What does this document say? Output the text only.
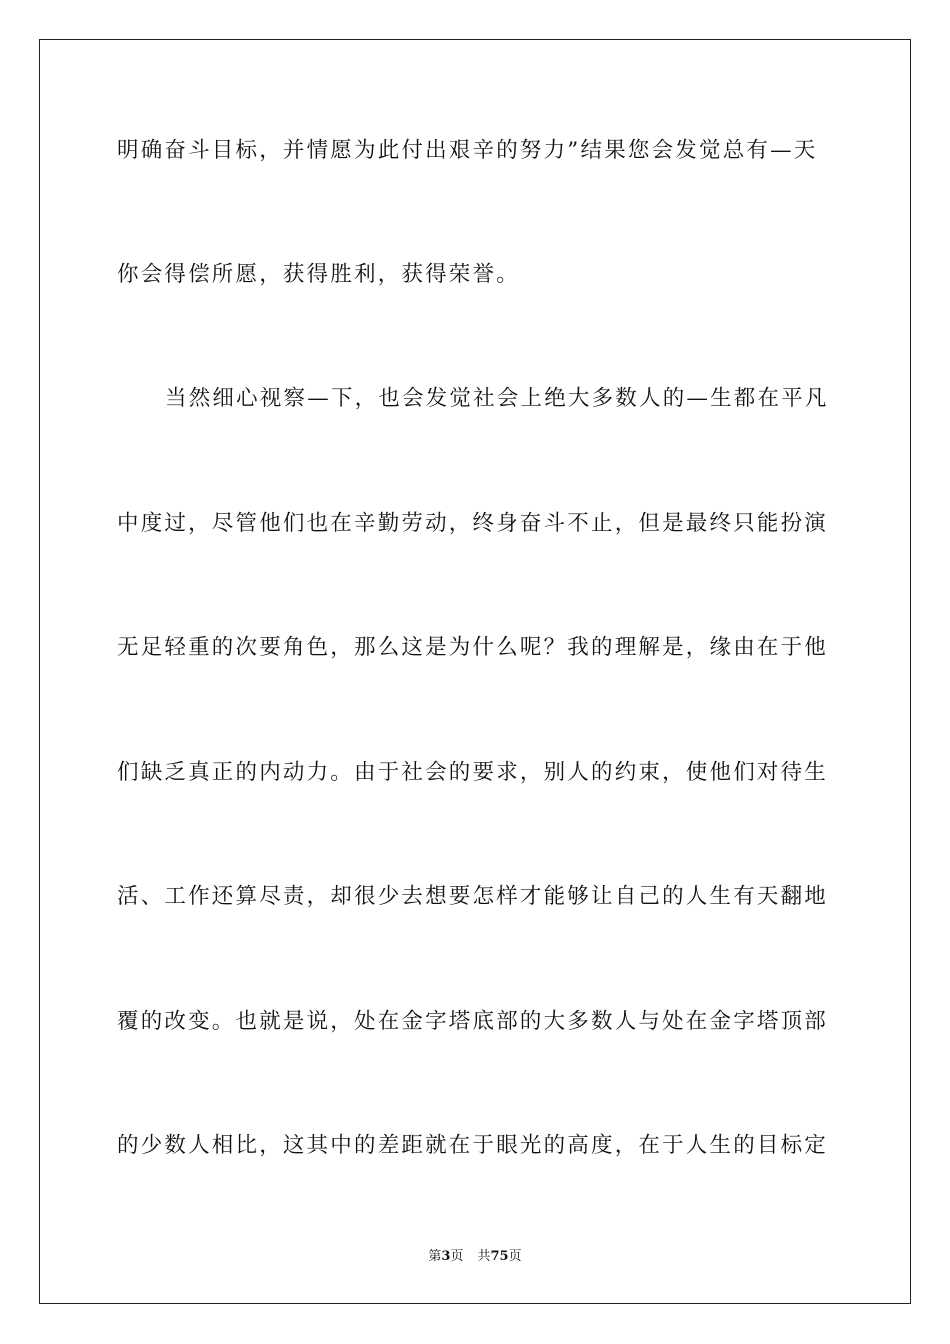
明确奋斗目标，并情愿为此付出艰辛的努力”结果您会发觉总有—天
你会得偿所愿，获得胜利，获得荣誉。
当然细心视察—下，也会发觉社会上绝大多数人的—生都在平凡
中度过，尽管他们也在辛勤劳动，终身奋斗不止，但是最终只能扮演
无足轻重的次要角色，那么这是为什么呢？我的理解是，缘由在于他
们缺乏真正的内动力。由于社会的要求，别人的约束，使他们对待生
活、工作还算尽责，却很少去想要怎样才能够让自己的人生有天翻地
覆的改变。也就是说，处在金字塔底部的大多数人与处在金字塔顶部
的少数人相比，这其中的差距就在于眼光的高度，在于人生的目标定
第3页 共75页
